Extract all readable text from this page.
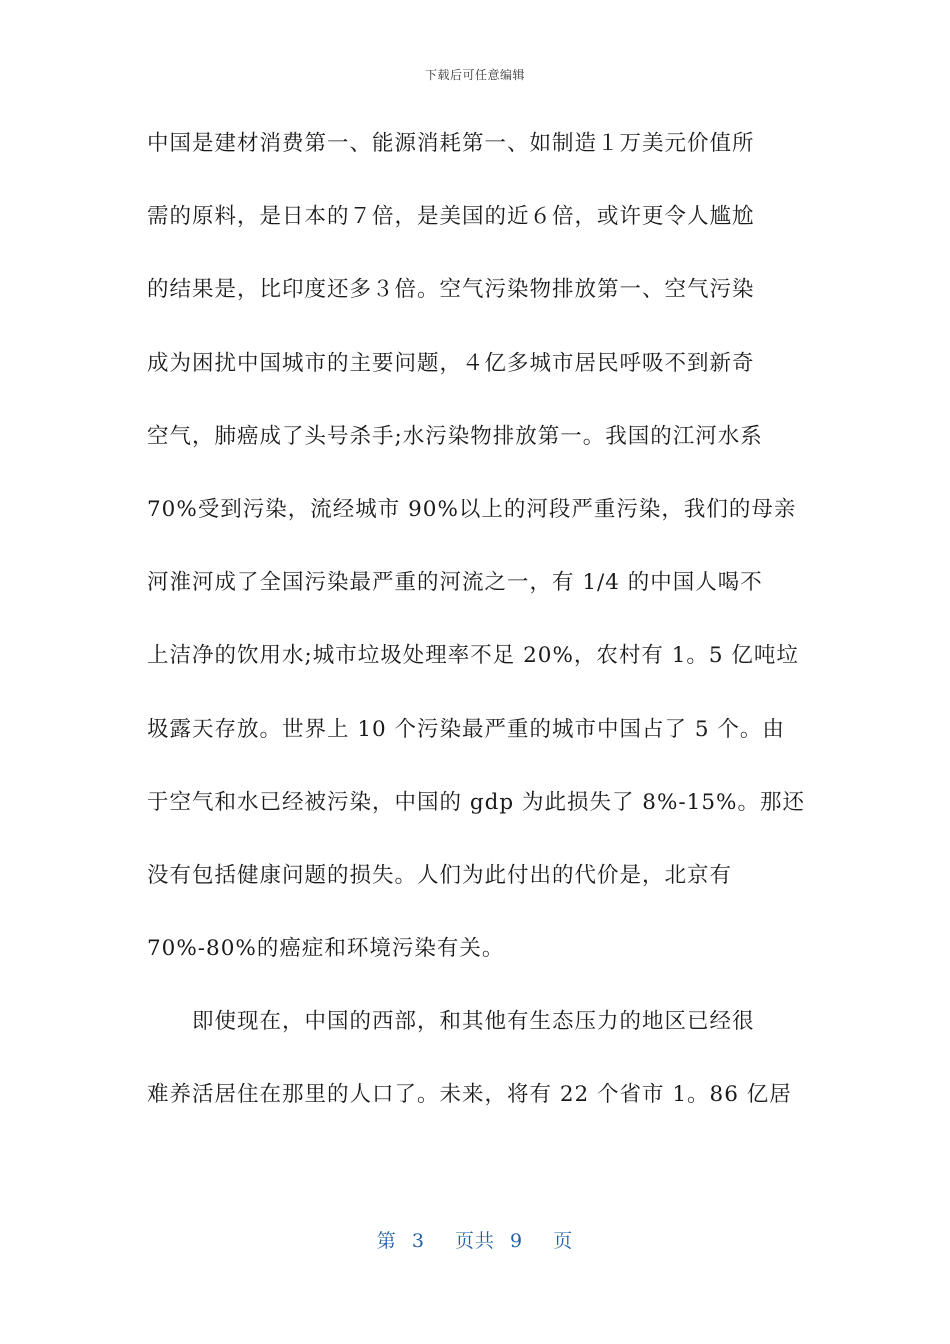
下载后可任意编辑
中国是建材消费第一、能源消耗第一、如制造１万美元价值所
需的原料，是日本的７倍，是美国的近６倍，或许更令人尴尬
的结果是，比印度还多３倍。空气污染物排放第一、空气污染
成为困扰中国城市的主要问题，４亿多城市居民呼吸不到新奇
空气，肺癌成了头号杀手;水污染物排放第一。我国的江河水系
70%受到污染，流经城市 90%以上的河段严重污染，我们的母亲
河淮河成了全国污染最严重的河流之一，有 1/4 的中国人喝不
上洁净的饮用水;城市垃圾处理率不足 20%，农村有 1。5 亿吨垃
圾露天存放。世界上 10 个污染最严重的城市中国占了 5 个。由
于空气和水已经被污染，中国的 gdp 为此损失了 8%-15%。那还
没有包括健康问题的损失。人们为此付出的代价是，北京有
70%-80%的癌症和环境污染有关。
即使现在，中国的西部，和其他有生态压力的地区已经很
难养活居住在那里的人口了。未来，将有 22 个省市 1。86 亿居
第 3  页共 9  页
